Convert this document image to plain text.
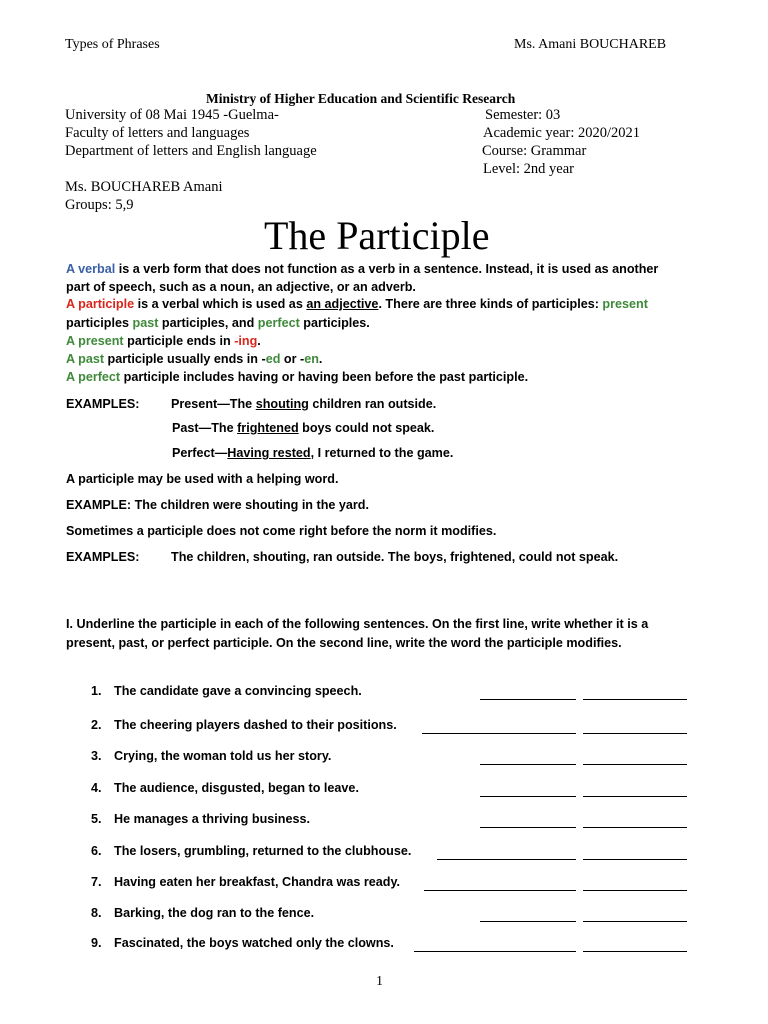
Types of Phrases	Ms. Amani BOUCHAREB
Ministry of Higher Education and Scientific Research
University of 08 Mai 1945 -Guelma-
Faculty of letters and languages
Department of letters and English language
Semester: 03
Academic year: 2020/2021
Course: Grammar
Level: 2nd year
Ms. BOUCHAREB Amani
Groups: 5,9
The Participle
A verbal is a verb form that does not function as a verb in a sentence. Instead, it is used as another
part of speech, such as a noun, an adjective, or an adverb.
A participle is a verbal which is used as an adjective. There are three kinds of participles: present
participles past participles, and perfect participles.
A present participle ends in -ing.
A past participle usually ends in -ed or -en.
A perfect participle includes having or having been before the past participle.
EXAMPLES:	Present—The shouting children ran outside.
Past—The frightened boys could not speak.
Perfect—Having rested, I returned to the game.
A participle may be used with a helping word.
EXAMPLE: The children were shouting in the yard.
Sometimes a participle does not come right before the norm it modifies.
EXAMPLES:	The children, shouting, ran outside. The boys, frightened, could not speak.
I. Underline the participle in each of the following sentences. On the first line, write whether it is a
present, past, or perfect participle. On the second line, write the word the participle modifies.
1. The candidate gave a convincing speech.
2. The cheering players dashed to their positions.
3. Crying, the woman told us her story.
4. The audience, disgusted, began to leave.
5. He manages a thriving business.
6. The losers, grumbling, returned to the clubhouse.
7. Having eaten her breakfast, Chandra was ready.
8. Barking, the dog ran to the fence.
9. Fascinated, the boys watched only the clowns.
1
